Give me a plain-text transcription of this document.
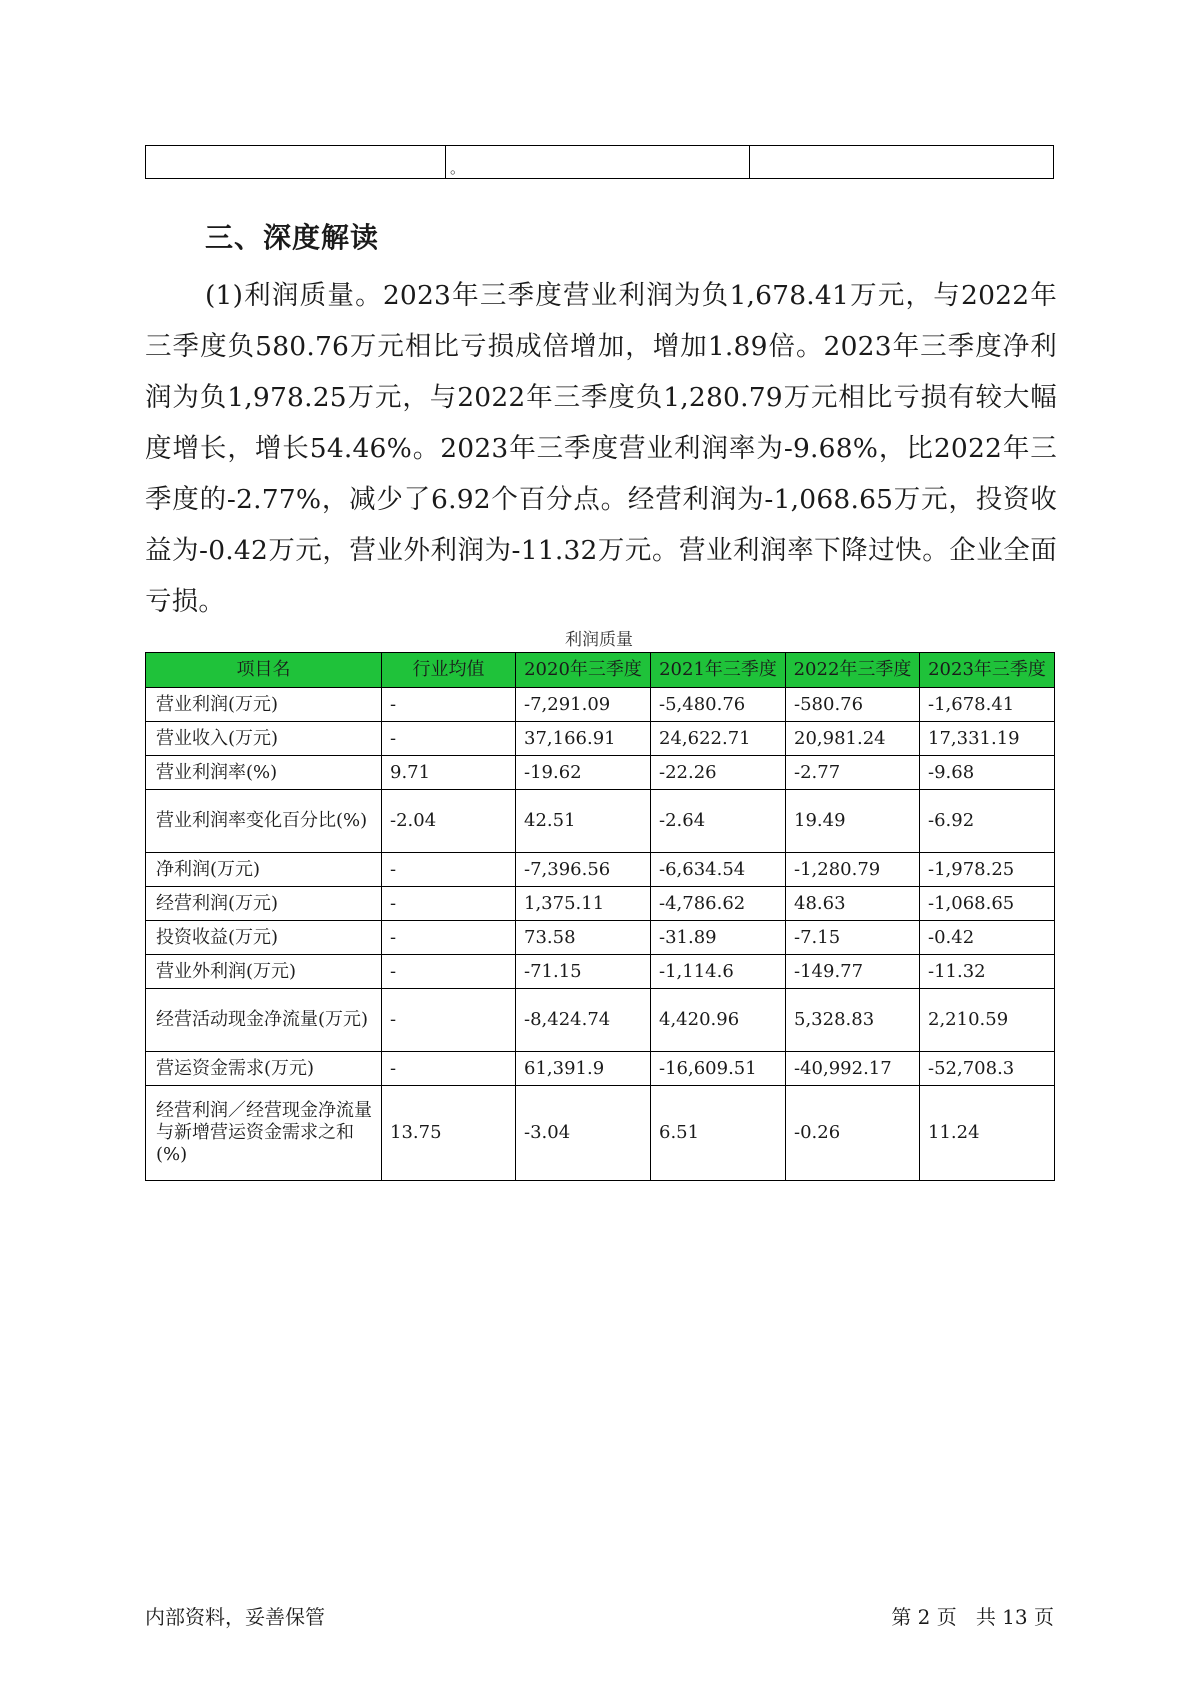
	。	
三、深度解读

(1)利润质量。2023年三季度营业利润为负1,678.41万元，与2022年三季度负580.76万元相比亏损成倍增加，增加1.89倍。2023年三季度净利润为负1,978.25万元，与2022年三季度负1,280.79万元相比亏损有较大幅度增长，增长54.46%。2023年三季度营业利润率为-9.68%，比2022年三季度的-2.77%，减少了6.92个百分点。经营利润为-1,068.65万元，投资收益为-0.42万元，营业外利润为-11.32万元。营业利润率下降过快。企业全面亏损。

利润质量
项目名	行业均值	2020年三季度	2021年三季度	2022年三季度	2023年三季度
营业利润(万元)	-	-7,291.09	-5,480.76	-580.76	-1,678.41
营业收入(万元)	-	37,166.91	24,622.71	20,981.24	17,331.19
营业利润率(%)	9.71	-19.62	-22.26	-2.77	-9.68
营业利润率变化百分比(%)	-2.04	42.51	-2.64	19.49	-6.92
净利润(万元)	-	-7,396.56	-6,634.54	-1,280.79	-1,978.25
经营利润(万元)	-	1,375.11	-4,786.62	48.63	-1,068.65
投资收益(万元)	-	73.58	-31.89	-7.15	-0.42
营业外利润(万元)	-	-71.15	-1,114.6	-149.77	-11.32
经营活动现金净流量(万元)	-	-8,424.74	4,420.96	5,328.83	2,210.59
营运资金需求(万元)	-	61,391.9	-16,609.51	-40,992.17	-52,708.3
经营利润／经营现金净流量与新增营运资金需求之和(%)	13.75	-3.04	6.51	-0.26	11.24
内部资料，妥善保管	第 2 页   共 13 页
